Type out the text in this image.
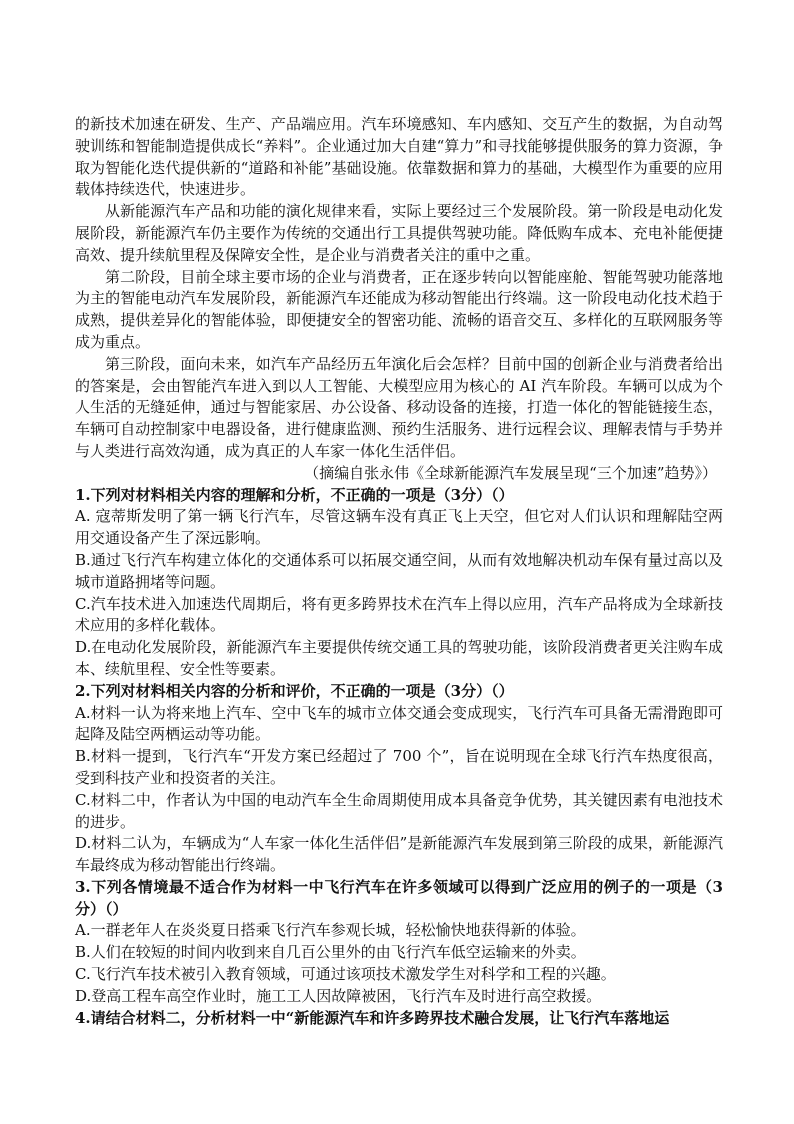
的新技术加速在研发、生产、产品端应用。汽车环境感知、车内感知、交互产生的数据，为自动驾驶训练和智能制造提供成长“养料”。企业通过加大自建“算力”和寻找能够提供服务的算力资源，争取为智能化迭代提供新的“道路和补能”基础设施。依靠数据和算力的基础，大模型作为重要的应用载体持续迭代，快速进步。

从新能源汽车产品和功能的演化规律来看，实际上要经过三个发展阶段。第一阶段是电动化发展阶段，新能源汽车仍主要作为传统的交通出行工具提供驾驶功能。降低购车成本、充电补能便捷高效、提升续航里程及保障安全性，是企业与消费者关注的重中之重。

第二阶段，目前全球主要市场的企业与消费者，正在逐步转向以智能座舱、智能驾驶功能落地为主的智能电动汽车发展阶段，新能源汽车还能成为移动智能出行终端。这一阶段电动化技术趋于成熟，提供差异化的智能体验，即便捷安全的智密功能、流畅的语音交互、多样化的互联网服务等成为重点。

第三阶段，面向未来，如汽车产品经历五年演化后会怎样？目前中国的创新企业与消费者给出的答案是，会由智能汽车进入到以人工智能、大模型应用为核心的 AI 汽车阶段。车辆可以成为个人生活的无缝延伸，通过与智能家居、办公设备、移动设备的连接，打造一体化的智能链接生态，车辆可自动控制家中电器设备，进行健康监测、预约生活服务、进行远程会议、理解表情与手势并与人类进行高效沟通，成为真正的人车家一体化生活伴侣。

（摘编自张永伟《全球新能源汽车发展呈现“三个加速”趋势》）

1.下列对材料相关内容的理解和分析，不正确的一项是（3分）（）

A. 寇蒂斯发明了第一辆飞行汽车，尽管这辆车没有真正飞上天空，但它对人们认识和理解陆空两用交通设备产生了深远影响。

B.通过飞行汽车构建立体化的交通体系可以拓展交通空间，从而有效地解决机动车保有量过高以及城市道路拥堵等问题。

C.汽车技术进入加速迭代周期后，将有更多跨界技术在汽车上得以应用，汽车产品将成为全球新技术应用的多样化载体。

D.在电动化发展阶段，新能源汽车主要提供传统交通工具的驾驶功能，该阶段消费者更关注购车成本、续航里程、安全性等要素。

2.下列对材料相关内容的分析和评价，不正确的一项是（3分）（）

A.材料一认为将来地上汽车、空中飞车的城市立体交通会变成现实，飞行汽车可具备无需滑跑即可起降及陆空两栖运动等功能。

B.材料一提到，飞行汽车“开发方案已经超过了 700 个”，旨在说明现在全球飞行汽车热度很高，受到科技产业和投资者的关注。

C.材料二中，作者认为中国的电动汽车全生命周期使用成本具备竞争优势，其关键因素有电池技术的进步。

D.材料二认为，车辆成为“人车家一体化生活伴侣”是新能源汽车发展到第三阶段的成果，新能源汽车最终成为移动智能出行终端。

3.下列各情境最不适合作为材料一中飞行汽车在许多领域可以得到广泛应用的例子的一项是（3分）（）

A.一群老年人在炎炎夏日搭乘飞行汽车参观长城，轻松愉快地获得新的体验。

B.人们在较短的时间内收到来自几百公里外的由飞行汽车低空运输来的外卖。

C.飞行汽车技术被引入教育领域，可通过该项技术激发学生对科学和工程的兴趣。

D.登高工程车高空作业时，施工工人因故障被困，飞行汽车及时进行高空救援。

4.请结合材料二，分析材料一中“新能源汽车和许多跨界技术融合发展，让飞行汽车落地运
